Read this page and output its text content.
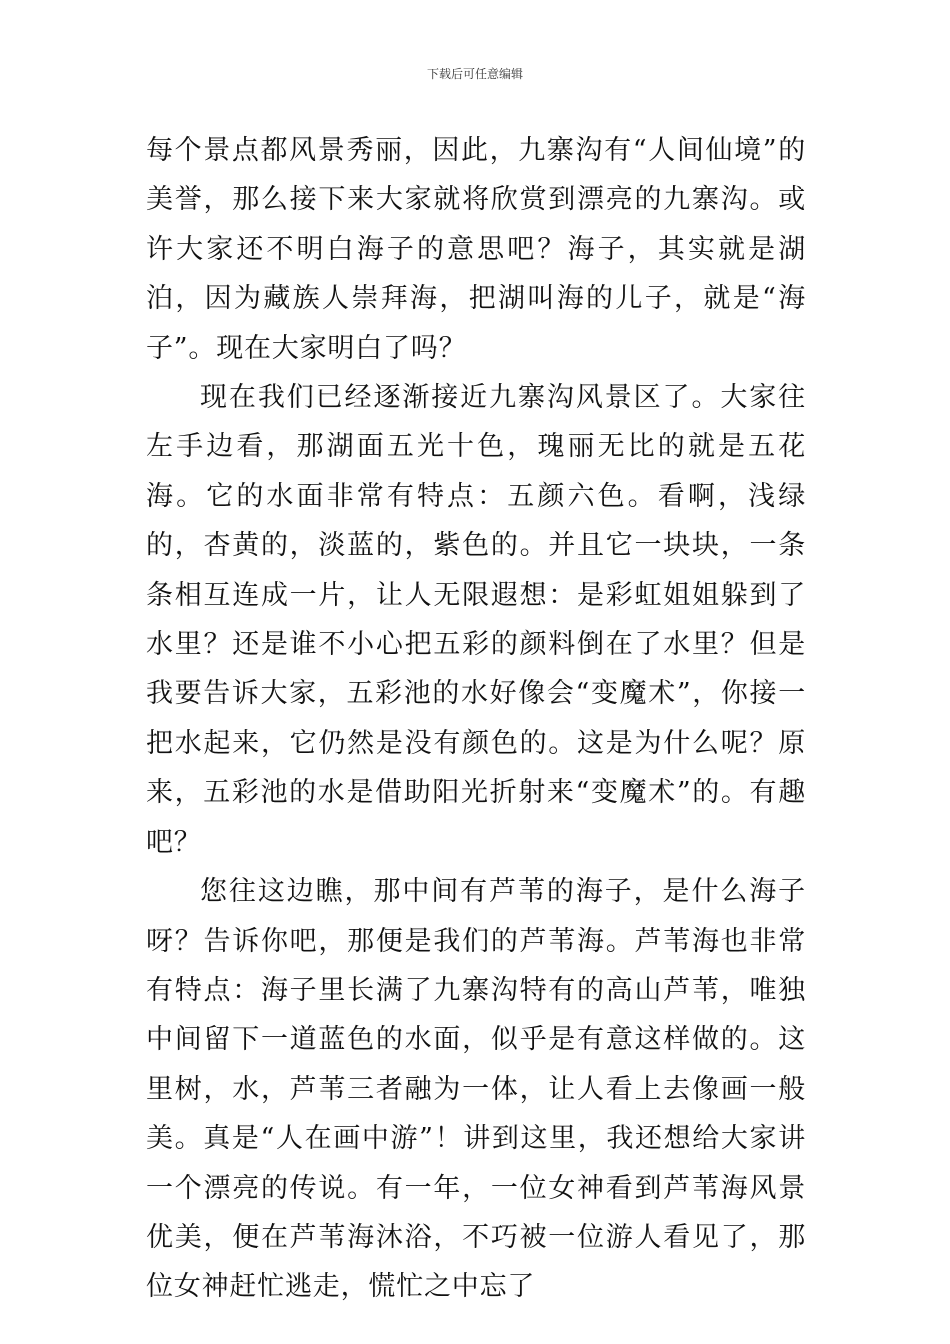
下载后可任意编辑

每个景点都风景秀丽，因此，九寨沟有“人间仙境”的美誉，那么接下来大家就将欣赏到漂亮的九寨沟。或许大家还不明白海子的意思吧？海子，其实就是湖泊，因为藏族人崇拜海，把湖叫海的儿子，就是“海子”。现在大家明白了吗？

现在我们已经逐渐接近九寨沟风景区了。大家往左手边看，那湖面五光十色，瑰丽无比的就是五花海。它的水面非常有特点：五颜六色。看啊，浅绿的，杏黄的，淡蓝的，紫色的。并且它一块块，一条条相互连成一片，让人无限遐想：是彩虹姐姐躲到了水里？还是谁不小心把五彩的颜料倒在了水里？但是我要告诉大家，五彩池的水好像会“变魔术”，你接一把水起来，它仍然是没有颜色的。这是为什么呢？原来，五彩池的水是借助阳光折射来“变魔术”的。有趣吧？

您往这边瞧，那中间有芦苇的海子，是什么海子呀？告诉你吧，那便是我们的芦苇海。芦苇海也非常有特点：海子里长满了九寨沟特有的高山芦苇，唯独中间留下一道蓝色的水面，似乎是有意这样做的。这里树，水，芦苇三者融为一体，让人看上去像画一般美。真是“人在画中游”！讲到这里，我还想给大家讲一个漂亮的传说。有一年，一位女神看到芦苇海风景优美，便在芦苇海沐浴，不巧被一位游人看见了，那位女神赶忙逃走，慌忙之中忘了
